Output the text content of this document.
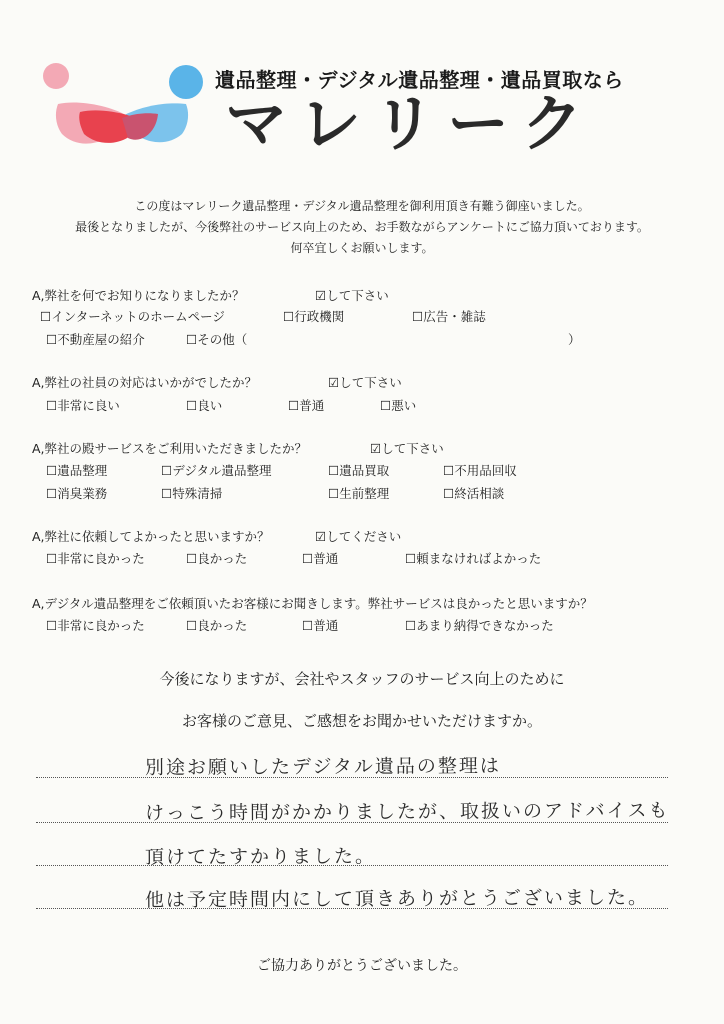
遺品整理・デジタル遺品整理・遺品買取なら
マレリーク
この度はマレリーク遺品整理・デジタル遺品整理を御利用頂き有難う御座いました。
最後となりましたが、今後弊社のサービス向上のため、お手数ながらアンケートにご協力頂いております。
何卒宜しくお願いします。
A,弊社を何でお知りになりましたか？	☑して下さい
☐インターネットのホームページ	☐行政機関	☐広告・雑誌
☐不動産屋の紹介	☐その他（	）
A,弊社の社員の対応はいかがでしたか？	☑して下さい
☐非常に良い	☐良い	☐普通	☐悪い
A,弊社の殿サービスをご利用いただきましたか？	☑して下さい
☐遺品整理	☐デジタル遺品整理	☐遺品買取	☐不用品回収
☐消臭業務	☐特殊清掃	☐生前整理	☐終活相談
A,弊社に依頼してよかったと思いますか？	☑してください
☐非常に良かった	☐良かった	☐普通	☐頼まなければよかった
A,デジタル遺品整理をご依頼頂いたお客様にお聞きします。弊社サービスは良かったと思いますか？
☐非常に良かった	☐良かった	☐普通	☐あまり納得できなかった
今後になりますが、会社やスタッフのサービス向上のために
お客様のご意見、ご感想をお聞かせいただけますか。
別途お願いしたデジタル遺品の整理は
けっこう時間がかかりましたが、取扱いのアドバイスも
頂けてたすかりました。
他は予定時間内にして頂きありがとうございました。
ご協力ありがとうございました。
